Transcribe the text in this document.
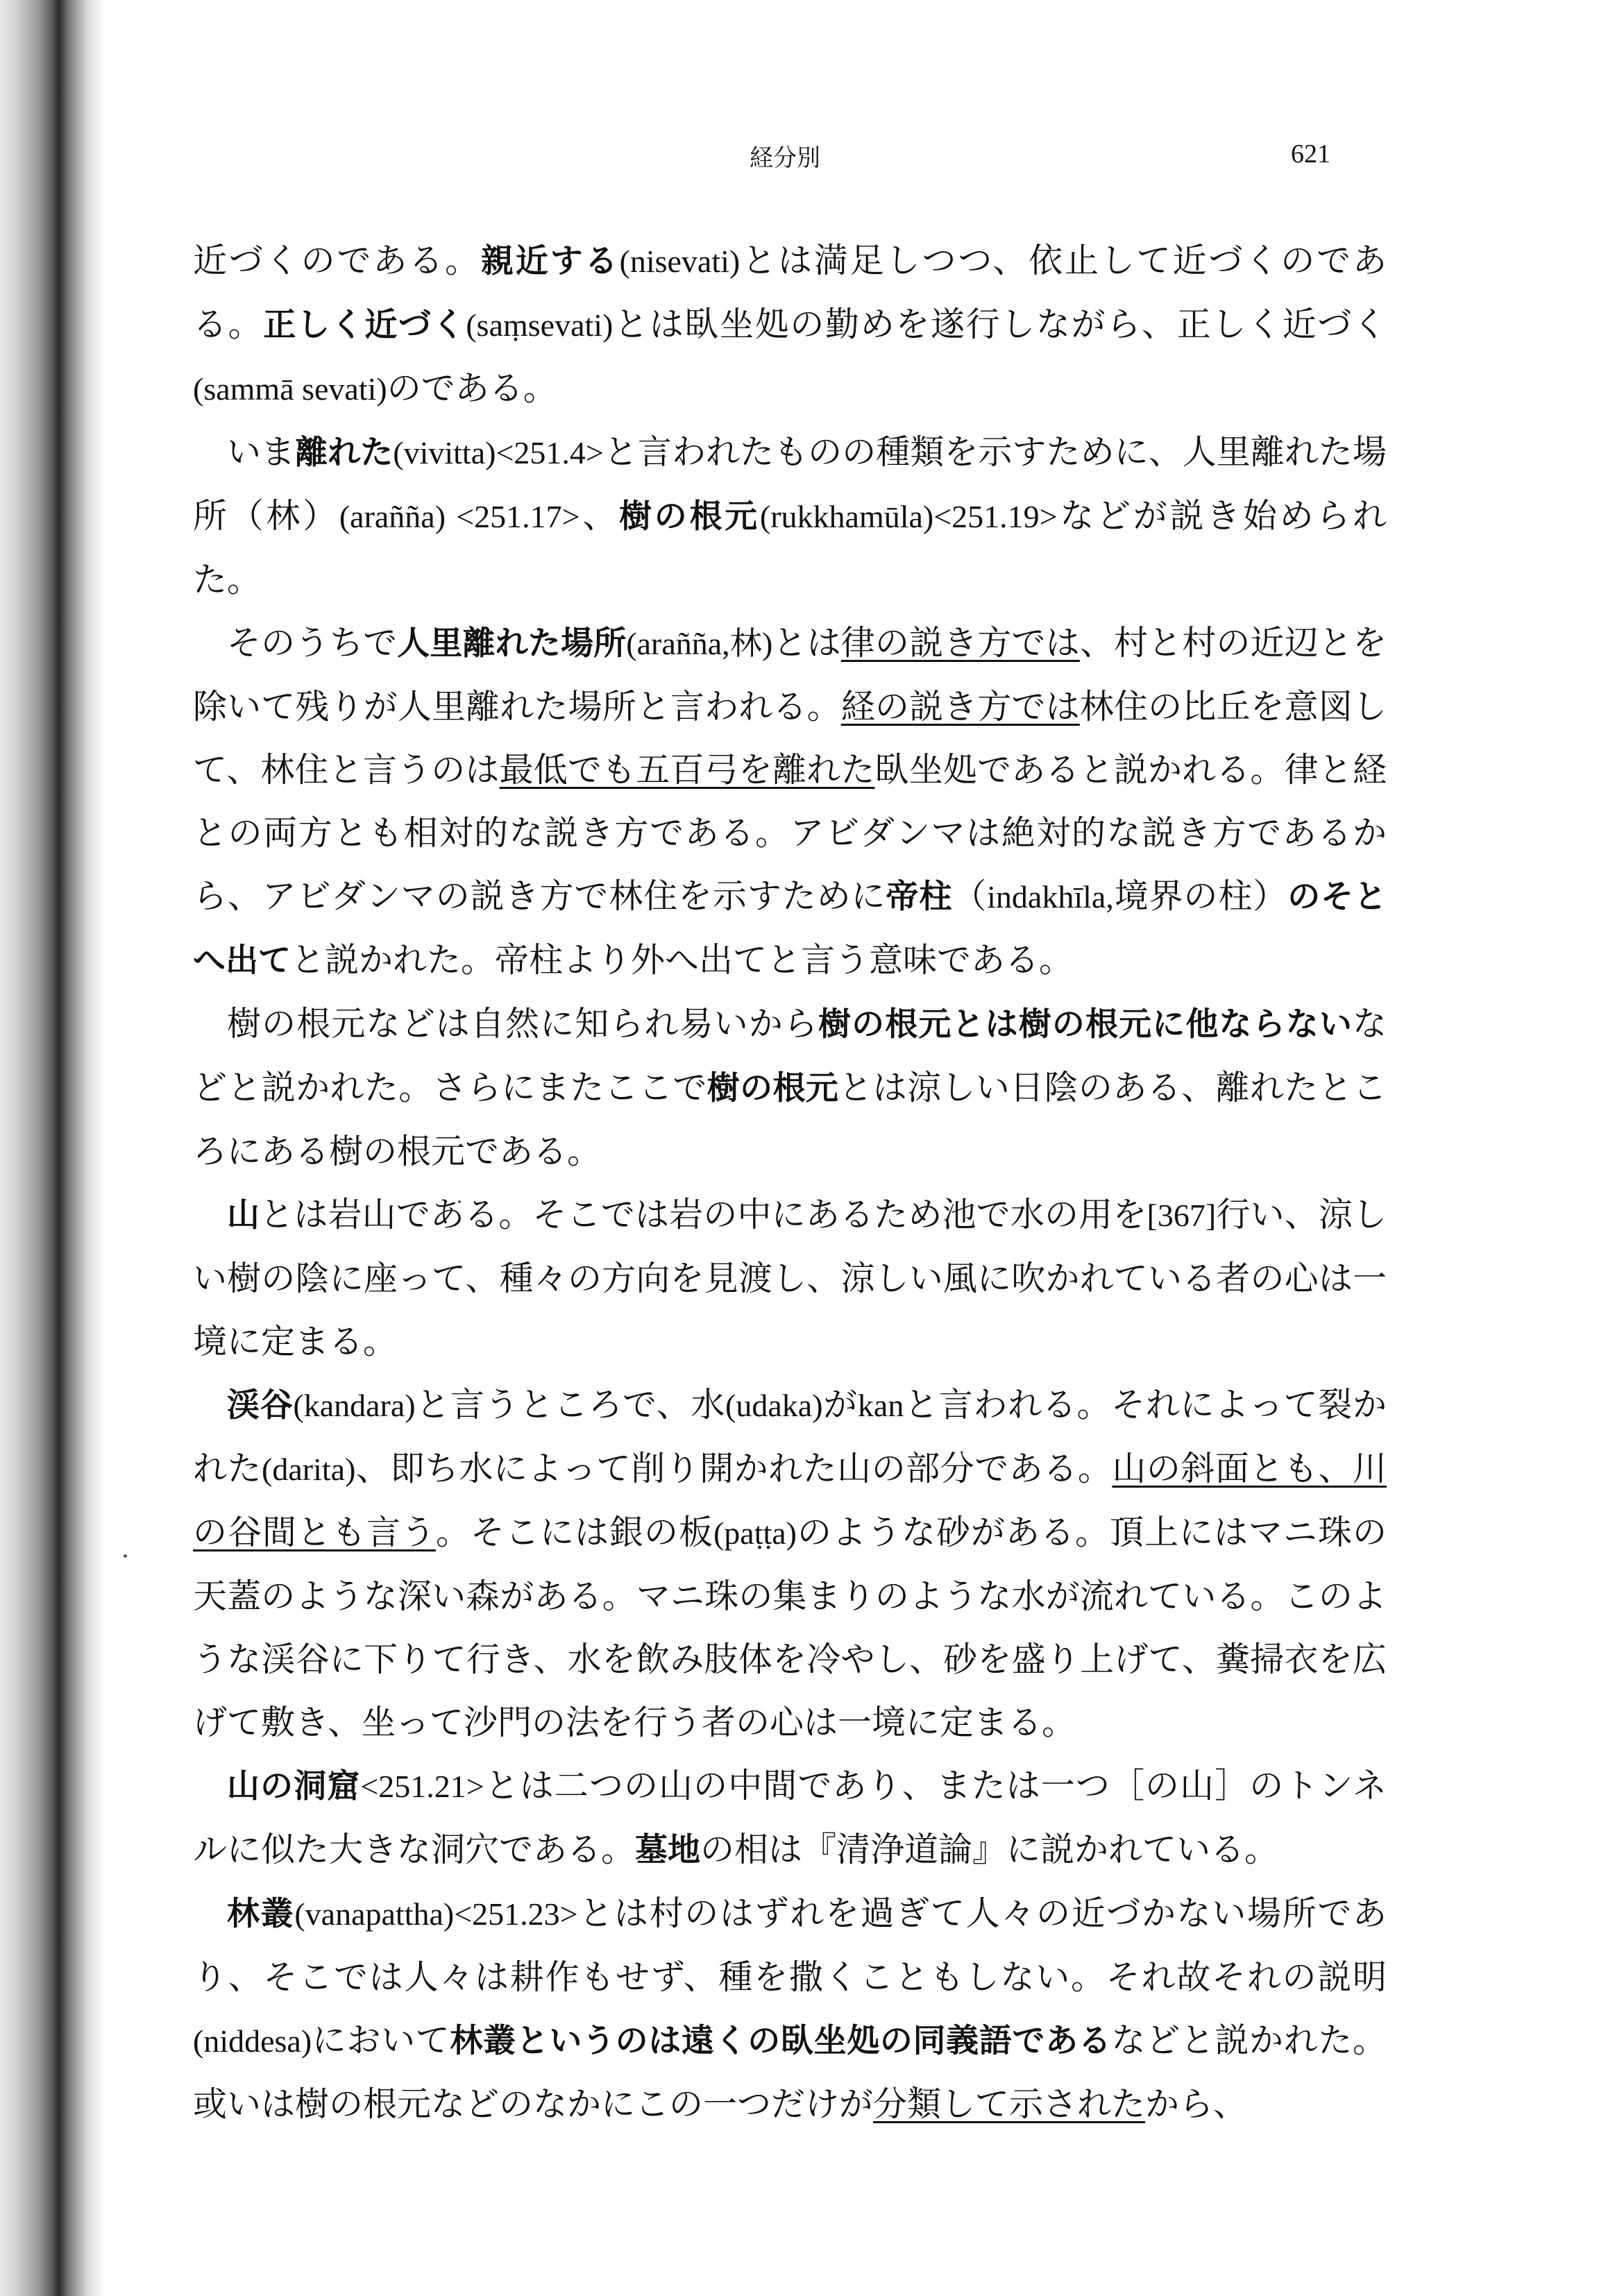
経分別	621

近づくのである。親近する(nisevati)とは満足しつつ、依止して近づくのである。正しく近づく(saṃsevati)とは臥坐処の勤めを遂行しながら、正しく近づく(sammā sevati)のである。

いま離れた(vivitta)<251.4>と言われたものの種類を示すために、人里離れた場所（林）(arañña) <251.17>、樹の根元(rukkhamūla)<251.19>などが説き始められた。

そのうちで人里離れた場所(arañña,林)とは律の説き方では、村と村の近辺とを除いて残りが人里離れた場所と言われる。経の説き方では林住の比丘を意図して、林住と言うのは最低でも五百弓を離れた臥坐処であると説かれる。律と経との両方とも相対的な説き方である。アビダンマは絶対的な説き方であるから、アビダンマの説き方で林住を示すために帝柱（indakhīla,境界の柱）のそとへ出てと説かれた。帝柱より外へ出てと言う意味である。

樹の根元などは自然に知られ易いから樹の根元とは樹の根元に他ならないなどと説かれた。さらにまたここで樹の根元とは涼しい日陰のある、離れたところにある樹の根元である。

山とは岩山である。そこでは岩の中にあるため池で水の用を[367]行い、涼しい樹の陰に座って、種々の方向を見渡し、涼しい風に吹かれている者の心は一境に定まる。

渓谷(kandara)と言うところで、水(udaka)がkanと言われる。それによって裂かれた(darita)、即ち水によって削り開かれた山の部分である。山の斜面とも、川の谷間とも言う。そこには銀の板(paṭṭa)のような砂がある。頂上にはマニ珠の天蓋のような深い森がある。マニ珠の集まりのような水が流れている。このような渓谷に下りて行き、水を飲み肢体を冷やし、砂を盛り上げて、糞掃衣を広げて敷き、坐って沙門の法を行う者の心は一境に定まる。

山の洞窟<251.21>とは二つの山の中間であり、または一つ［の山］のトンネルに似た大きな洞穴である。墓地の相は『清浄道論』に説かれている。

林叢(vanapattha)<251.23>とは村のはずれを過ぎて人々の近づかない場所であり、そこでは人々は耕作もせず、種を撒くこともしない。それ故それの説明(niddesa)において林叢というのは遠くの臥坐処の同義語であるなどと説かれた。或いは樹の根元などのなかにこの一つだけが分類して示されたから、
